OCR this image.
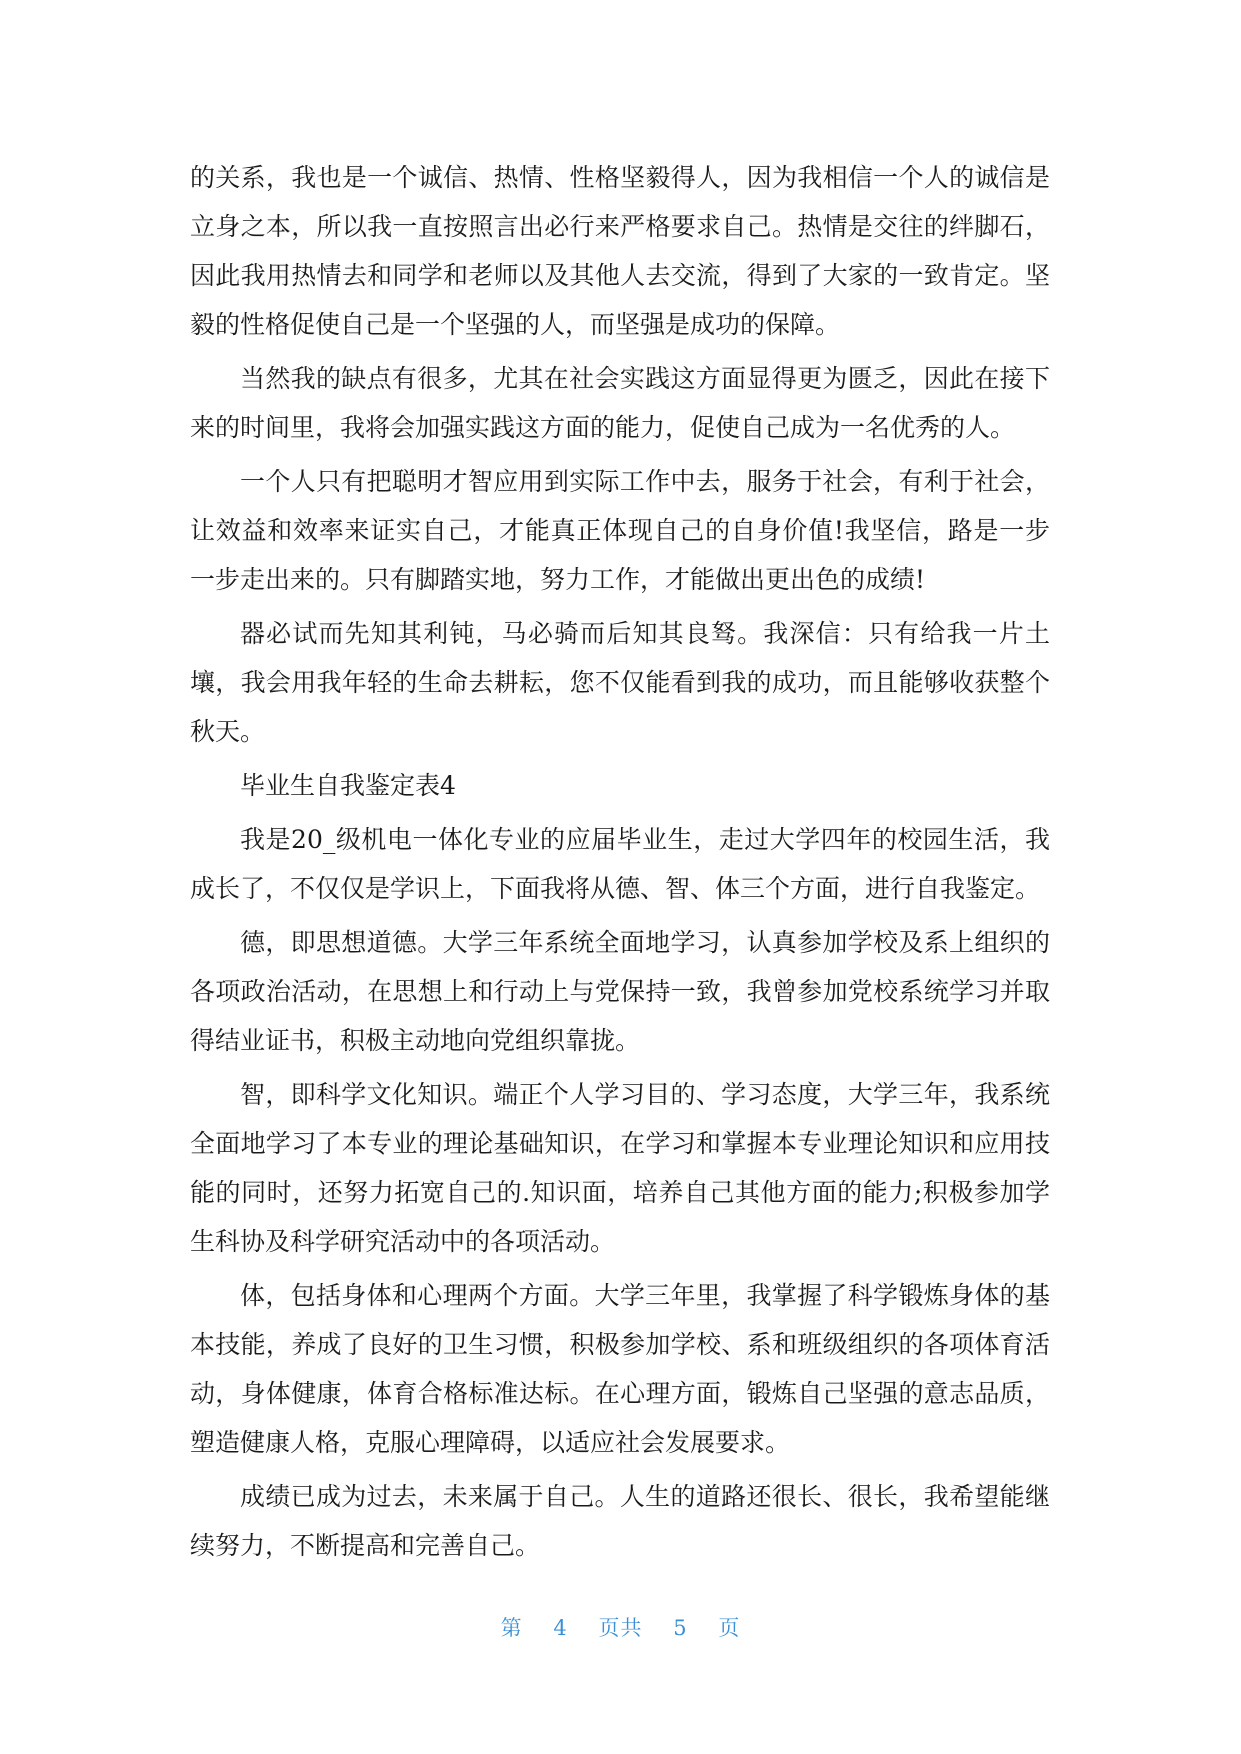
的关系，我也是一个诚信、热情、性格坚毅得人，因为我相信一个人的诚信是立身之本，所以我一直按照言出必行来严格要求自己。热情是交往的绊脚石，因此我用热情去和同学和老师以及其他人去交流，得到了大家的一致肯定。坚毅的性格促使自己是一个坚强的人，而坚强是成功的保障。

当然我的缺点有很多，尤其在社会实践这方面显得更为匮乏，因此在接下来的时间里，我将会加强实践这方面的能力，促使自己成为一名优秀的人。

一个人只有把聪明才智应用到实际工作中去，服务于社会，有利于社会，让效益和效率来证实自己，才能真正体现自己的自身价值!我坚信，路是一步一步走出来的。只有脚踏实地，努力工作，才能做出更出色的成绩!

器必试而先知其利钝，马必骑而后知其良驽。我深信：只有给我一片土壤，我会用我年轻的生命去耕耘，您不仅能看到我的成功，而且能够收获整个秋天。

毕业生自我鉴定表4

我是20_级机电一体化专业的应届毕业生，走过大学四年的校园生活，我成长了，不仅仅是学识上，下面我将从德、智、体三个方面，进行自我鉴定。

德，即思想道德。大学三年系统全面地学习，认真参加学校及系上组织的各项政治活动，在思想上和行动上与党保持一致，我曾参加党校系统学习并取得结业证书，积极主动地向党组织靠拢。

智，即科学文化知识。端正个人学习目的、学习态度，大学三年，我系统全面地学习了本专业的理论基础知识，在学习和掌握本专业理论知识和应用技能的同时，还努力拓宽自己的.知识面，培养自己其他方面的能力;积极参加学生科协及科学研究活动中的各项活动。

体，包括身体和心理两个方面。大学三年里，我掌握了科学锻炼身体的基本技能，养成了良好的卫生习惯，积极参加学校、系和班级组织的各项体育活动，身体健康，体育合格标准达标。在心理方面，锻炼自己坚强的意志品质，塑造健康人格，克服心理障碍，以适应社会发展要求。

成绩已成为过去，未来属于自己。人生的道路还很长、很长，我希望能继续努力，不断提高和完善自己。

第 4 页共 5 页
